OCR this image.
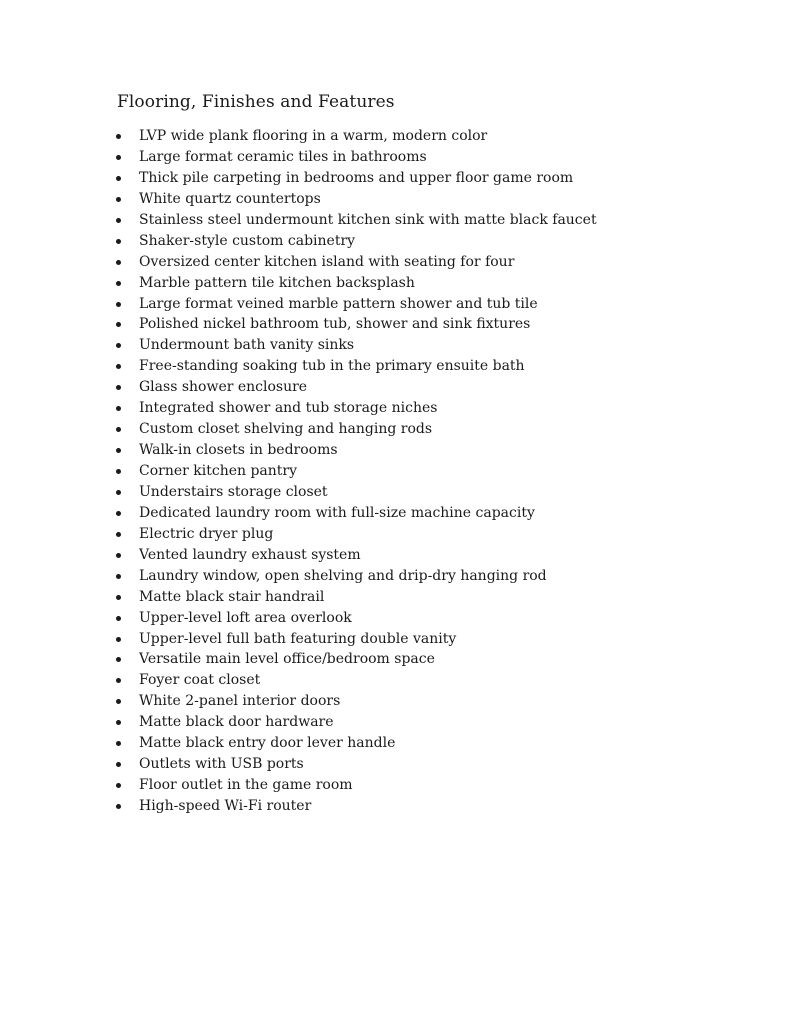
Flooring, Finishes and Features
LVP wide plank flooring in a warm, modern color
Large format ceramic tiles in bathrooms
Thick pile carpeting in bedrooms and upper floor game room
White quartz countertops
Stainless steel undermount kitchen sink with matte black faucet
Shaker-style custom cabinetry
Oversized center kitchen island with seating for four
Marble pattern tile kitchen backsplash
Large format veined marble pattern shower and tub tile
Polished nickel bathroom tub, shower and sink fixtures
Undermount bath vanity sinks
Free-standing soaking tub in the primary ensuite bath
Glass shower enclosure
Integrated shower and tub storage niches
Custom closet shelving and hanging rods
Walk-in closets in bedrooms
Corner kitchen pantry
Understairs storage closet
Dedicated laundry room with full-size machine capacity
Electric dryer plug
Vented laundry exhaust system
Laundry window, open shelving and drip-dry hanging rod
Matte black stair handrail
Upper-level loft area overlook
Upper-level full bath featuring double vanity
Versatile main level office/bedroom space
Foyer coat closet
White 2-panel interior doors
Matte black door hardware
Matte black entry door lever handle
Outlets with USB ports
Floor outlet in the game room
High-speed Wi-Fi router
